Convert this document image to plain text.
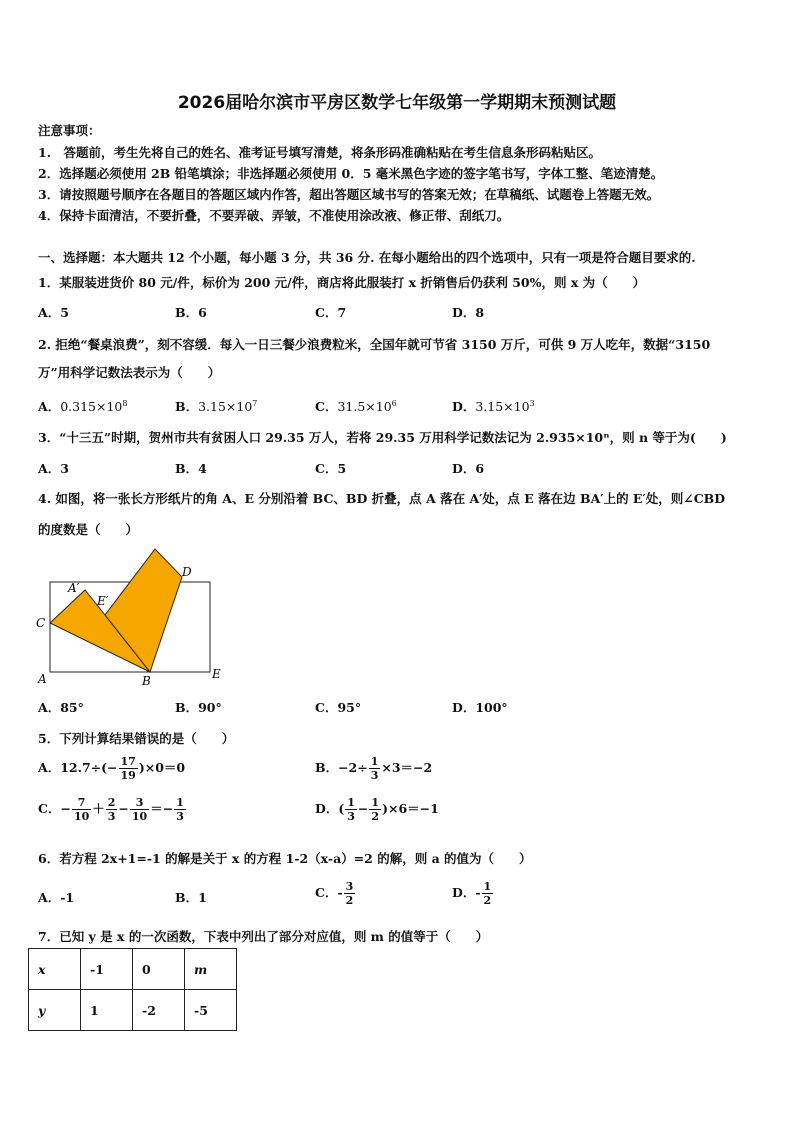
2026届哈尔滨市平房区数学七年级第一学期期末预测试题
注意事项：
1.　答题前，考生先将自己的姓名、准考证号填写清楚，将条形码准确粘贴在考生信息条形码粘贴区。
2．选择题必须使用 2B 铅笔填涂；非选择题必须使用 0．5 毫米黑色字迹的签字笔书写，字体工整、笔迹清楚。
3．请按照题号顺序在各题目的答题区域内作答，超出答题区域书写的答案无效；在草稿纸、试题卷上答题无效。
4．保持卡面清洁，不要折叠，不要弄破、弄皱，不准使用涂改液、修正带、刮纸刀。
一、选择题：本大题共 12 个小题，每小题 3 分，共 36 分. 在每小题给出的四个选项中，只有一项是符合题目要求的.
1．某服装进货价 80 元/件，标价为 200 元/件，商店将此服装打 x 折销售后仍获利 50%，则 x 为（　　）
A．5	B．6	C．7	D．8
2. 拒绝“餐桌浪费”，刻不容缓．每入一日三餐少浪费粒米，全国年就可节省 3150 万斤，可供 9 万人吃年，数据“3150
万”用科学记数法表示为（　　）
A．$0.315\times 10^8$	B．$3.15\times 10^7$	C．$31.5\times 10^6$	D．$3.15\times 10^3$
3．“十三五”时期，贺州市共有贫困人口 29.35 万人，若将 29.35 万用科学记数法记为 2.935×10ⁿ，则 n 等于为(　　)
A．3	B．4	C．5	D．6
4. 如图，将一张长方形纸片的角 A、E 分别沿着 BC、BD 折叠，点 A 落在 A′处，点 E 落在边 BA′上的 E′处，则∠CBD
的度数是（　　）
C
A′
E′
D
A	B	E
A．85°	B．90°	C．95°	D．100°
5．下列计算结果错误的是（　　）
A．$12.7\div(- \frac{17}{19} )\times 0=0$	B．$-2\div \frac{1}{3} \times 3=-2$
C．− $\frac{7}{10} + \frac{2}{3} - \frac{3}{10} =- \frac{1}{3}$	D．( $\frac{1}{3} - \frac{1}{2} )\times 6=-1$
6．若方程 2x+1=-1 的解是关于 x 的方程 1-2（x-a）=2 的解，则 a 的值为（　　）
A．-1	B．1	C．- $\frac{3}{2}$	D．- $\frac{1}{2}$
7．已知 y 是 x 的一次函数，下表中列出了部分对应值，则 m 的值等于（　　）
x	-1	0	m
y	1	-2	-5
